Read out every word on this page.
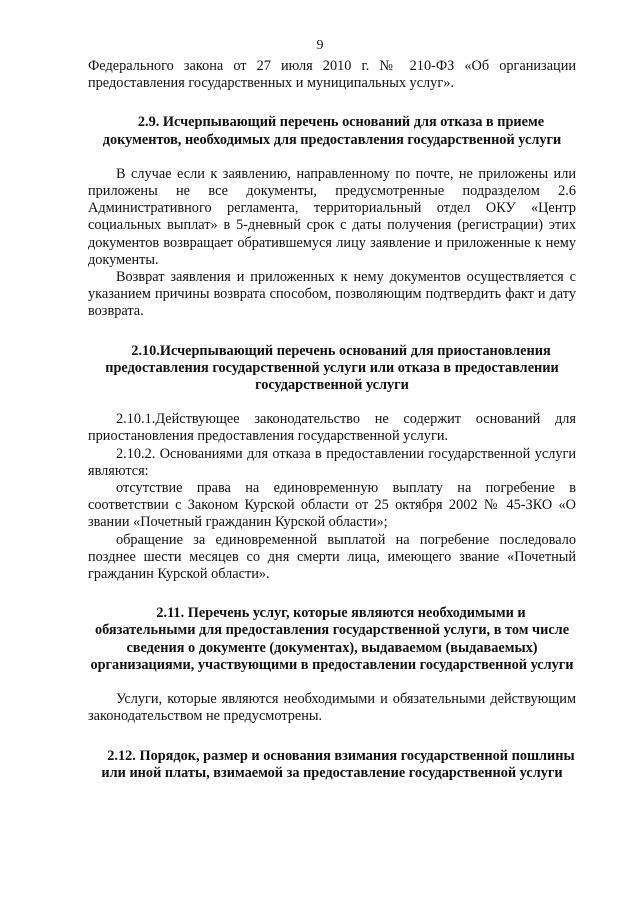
9

Федерального закона от 27 июля 2010 г. № 210-ФЗ «Об организации предоставления государственных и муниципальных услуг».

2.9. Исчерпывающий перечень оснований для отказа в приеме документов, необходимых для предоставления государственной услуги

В случае если к заявлению, направленному по почте, не приложены или приложены не все документы, предусмотренные подразделом 2.6 Административного регламента, территориальный отдел ОКУ «Центр социальных выплат» в 5-дневный срок с даты получения (регистрации) этих документов возвращает обратившемуся лицу заявление и приложенные к нему документы.

Возврат заявления и приложенных к нему документов осуществляется с указанием причины возврата способом, позволяющим подтвердить факт и дату возврата.

2.10.Исчерпывающий перечень оснований для приостановления предоставления государственной услуги или отказа в предоставлении государственной услуги

2.10.1.Действующее законодательство не содержит оснований для приостановления предоставления государственной услуги.

2.10.2. Основаниями для отказа в предоставлении государственной услуги являются:

отсутствие права на единовременную выплату на погребение в соответствии с Законом Курской области от 25 октября 2002 № 45-ЗКО «О звании «Почетный гражданин Курской области»;

обращение за единовременной выплатой на погребение последовало позднее шести месяцев со дня смерти лица, имеющего звание «Почетный гражданин Курской области».

2.11. Перечень услуг, которые являются необходимыми и обязательными для предоставления государственной услуги, в том числе сведения о документе (документах), выдаваемом (выдаваемых) организациями, участвующими в предоставлении государственной услуги

Услуги, которые являются необходимыми и обязательными действующим законодательством не предусмотрены.

2.12. Порядок, размер и основания взимания государственной пошлины или иной платы, взимаемой за предоставление государственной услуги
